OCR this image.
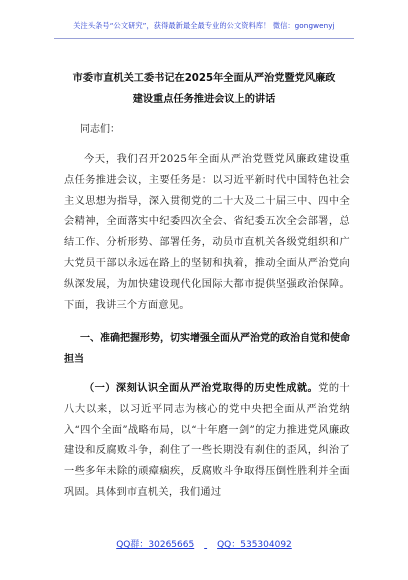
关注头条号“公文研究”，获得最新最全最专业的公文资料库！ 微信：gongwenyj
市委市直机关工委书记在2025年全面从严治党暨党风廉政
建设重点任务推进会议上的讲话
同志们：
今天，我们召开2025年全面从严治党暨党风廉政建设重点任务推进会议，主要任务是：以习近平新时代中国特色社会主义思想为指导，深入贯彻党的二十大及二十届三中、四中全会精神，全面落实中纪委四次全会、省纪委五次全会部署，总结工作、分析形势、部署任务，动员市直机关各级党组织和广大党员干部以永远在路上的坚韧和执着，推动全面从严治党向纵深发展，为加快建设现代化国际大都市提供坚强政治保障。下面，我讲三个方面意见。
一、准确把握形势，切实增强全面从严治党的政治自觉和使命担当
（一）深刻认识全面从严治党取得的历史性成就。党的十八大以来，以习近平同志为核心的党中央把全面从严治党纳入“四个全面”战略布局，以“十年磨一剑”的定力推进党风廉政建设和反腐败斗争，刹住了一些长期没有刹住的歪风，纠治了一些多年未除的顽瘴痼疾，反腐败斗争取得压倒性胜利并全面巩固。具体到市直机关，我们通过
QQ群：30265665	QQ：535304092
